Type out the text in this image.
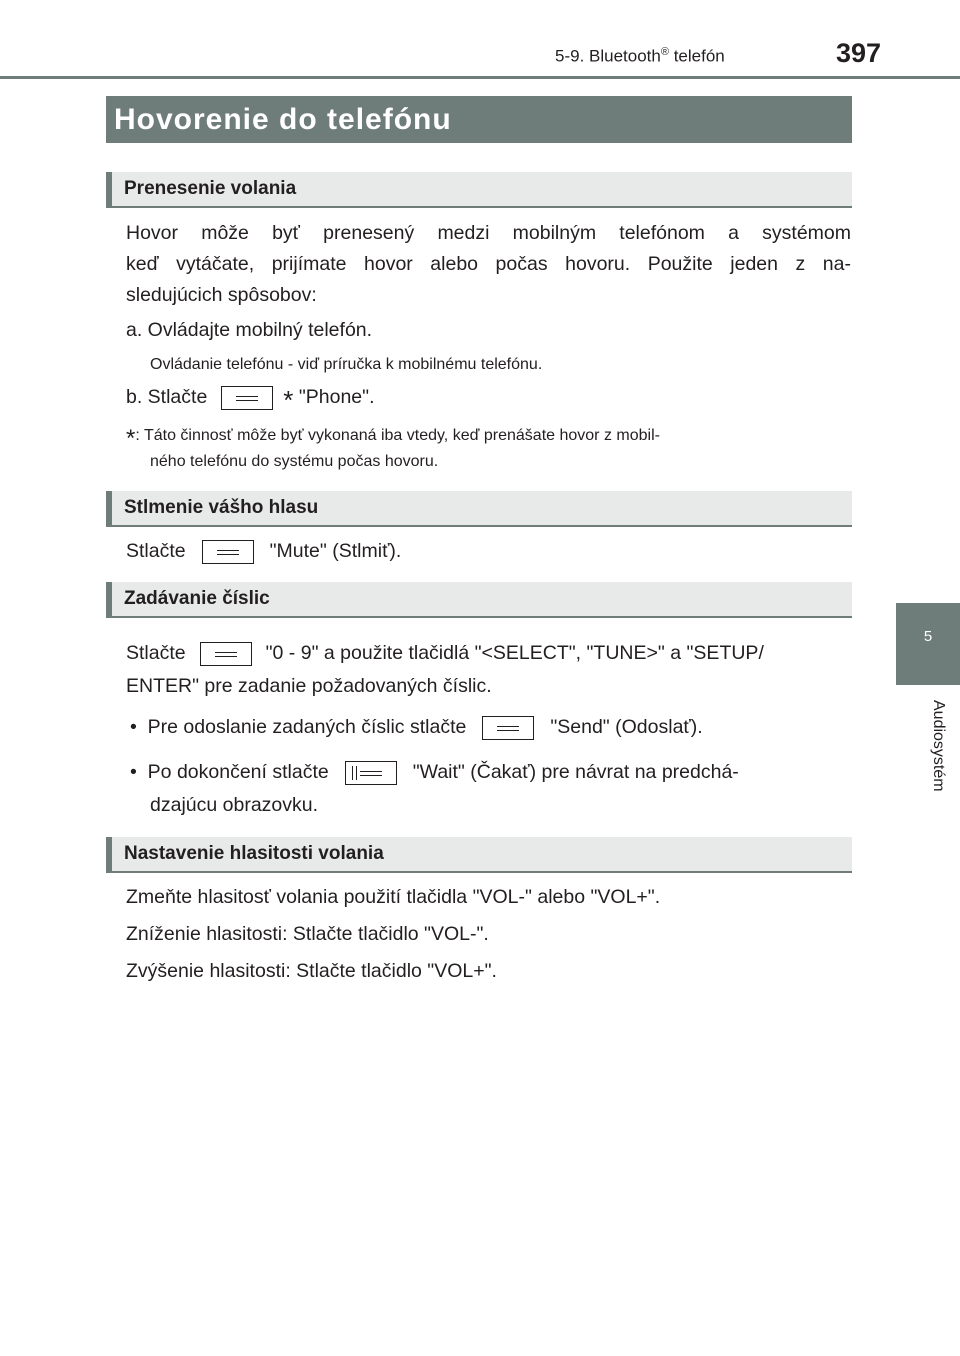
5-9. Bluetooth® telefón	397
5
Audiosystém
Hovorenie do telefónu
Prenesenie volania
Hovor môže byť prenesený medzi mobilným telefónom a systémom
keď vytáčate, prijímate hovor alebo počas hovoru. Použite jeden z na-
sledujúcich spôsobov:
a. Ovládajte mobilný telefón.
Ovládanie telefónu - viď príručka k mobilnému telefónu.
b. Stlačte	* "Phone".
*: Táto činnosť môže byť vykonaná iba vtedy, keď prenášate hovor z mobil-
ného telefónu do systému počas hovoru.
Stlmenie vášho hlasu
Stlačte	"Mute" (Stlmiť).
Zadávanie číslic
Stlačte	"0 - 9" a použite tlačidlá "<SELECT", "TUNE>" a "SETUP/
ENTER" pre zadanie požadovaných číslic.
• Pre odoslanie zadaných číslic stlačte	"Send" (Odoslať).
• Po dokončení stlačte	"Wait" (Čakať) pre návrat na predchá-
dzajúcu obrazovku.
Nastavenie hlasitosti volania
Zmeňte hlasitosť volania použití tlačidla "VOL-" alebo "VOL+".
Zníženie hlasitosti: Stlačte tlačidlo "VOL-".
Zvýšenie hlasitosti: Stlačte tlačidlo "VOL+".
